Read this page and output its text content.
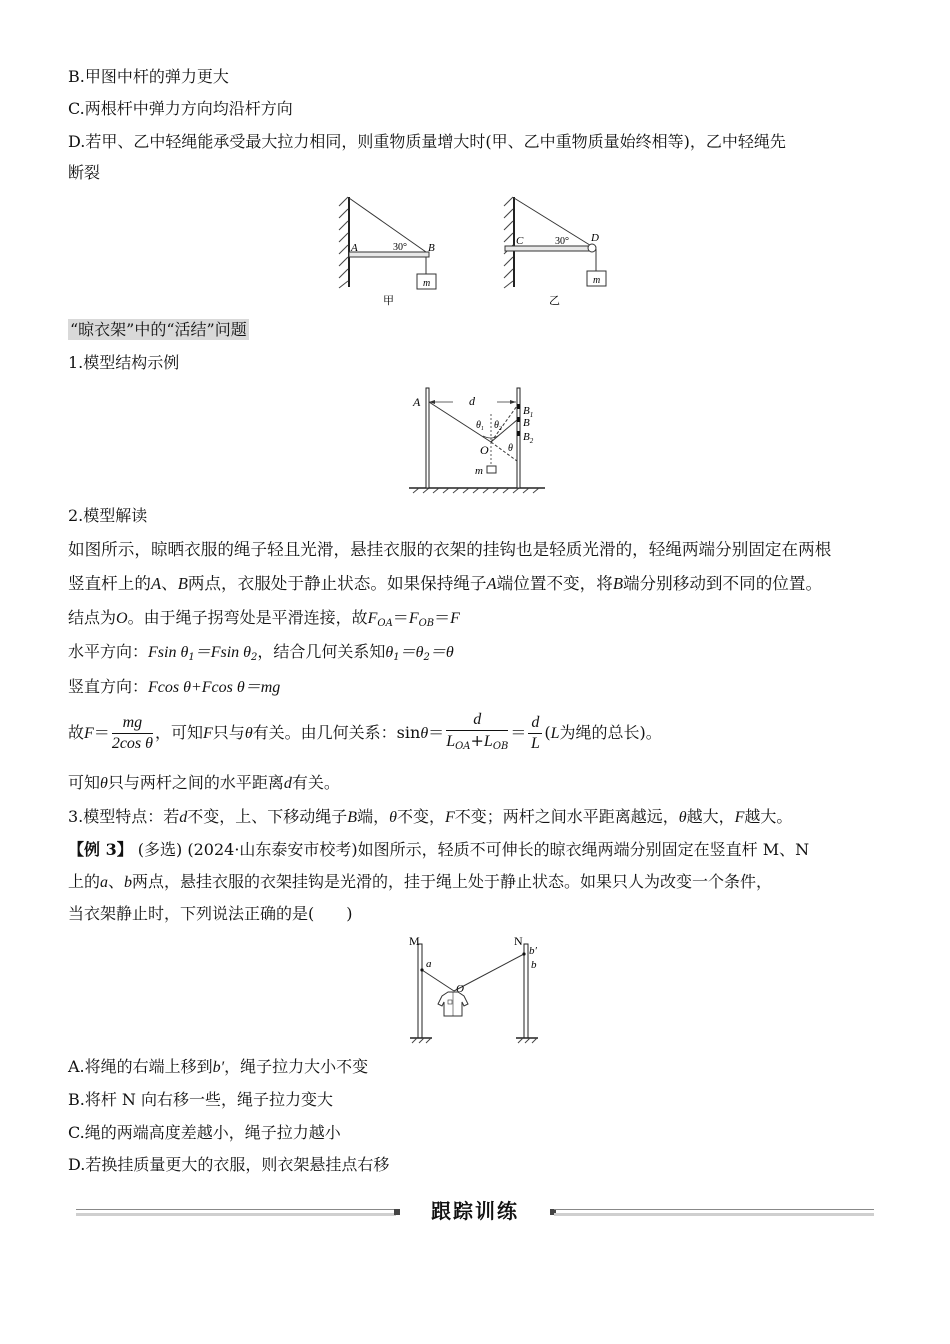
B.甲图中杆的弹力更大
C.两根杆中弹力方向均沿杆方向
D.若甲、乙中轻绳能承受最大拉力相同，则重物质量增大时(甲、乙中重物质量始终相等)，乙中轻绳先
断裂
A	B
30°
m
甲
C	D
30°
m
乙
“晾衣架”中的“活结”问题
1.模型结构示例
A	d
$B_1$
B
$B_2$
$\theta_1$ $\theta_2$
θ
O
m
2.模型解读
如图所示，晾晒衣服的绳子轻且光滑，悬挂衣服的衣架的挂钩也是轻质光滑的，轻绳两端分别固定在两根
竖直杆上的A、B两点，衣服处于静止状态。如果保持绳子A端位置不变，将B端分别移动到不同的位置。
结点为O。由于绳子拐弯处是平滑连接，故$F_{OA}=F_{OB}=F$
水平方向：Fsin $\theta_1=Fsin$ $\theta_2$，结合几何关系知$\theta_1=\theta_2=\theta$
竖直方向：Fcos θ+Fcos θ＝mg
故$F= \frac{mg}{\text{2cos θ}}$ ，可知F只与θ有关。由几何关系：$\sin\theta= \frac{d}{L_{OA}+L_{OB}} = \frac{d}{L} (L$为绳的总长)。
可知θ只与两杆之间的水平距离d有关。
3.模型特点：若d不变，上、下移动绳子B端，θ不变，F不变；两杆之间水平距离越远，θ越大，F越大。
【例 3】 (多选) (2024·山东泰安市校考)如图所示，轻质不可伸长的晾衣绳两端分别固定在竖直杆 M、N
上的a、b两点，悬挂衣服的衣架挂钩是光滑的，挂于绳上处于静止状态。如果只人为改变一个条件，
当衣架静止时，下列说法正确的是(　　)
M	N
a	b
b′
O
A.将绳的右端上移到b′，绳子拉力大小不变
B.将杆 N 向右移一些，绳子拉力变大
C.绳的两端高度差越小，绳子拉力越小
D.若换挂质量更大的衣服，则衣架悬挂点右移
跟踪训练
